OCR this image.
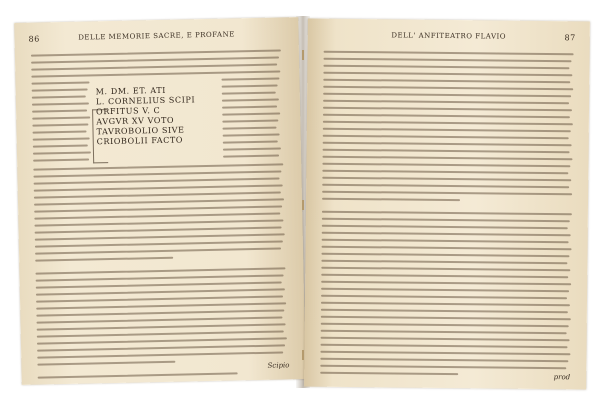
86	DELLE MEMORIE SACRE, E PROFANE
M. DM. ET. ATI
L. CORNELIUS SCIPI
ORFITUS V. C
AVGVR XV VOTO
TAVROBOLIO SIVE
CRIOBOLII FACTO
Scipio
DELL' ANFITEATRO FLAVIO	87
prod
